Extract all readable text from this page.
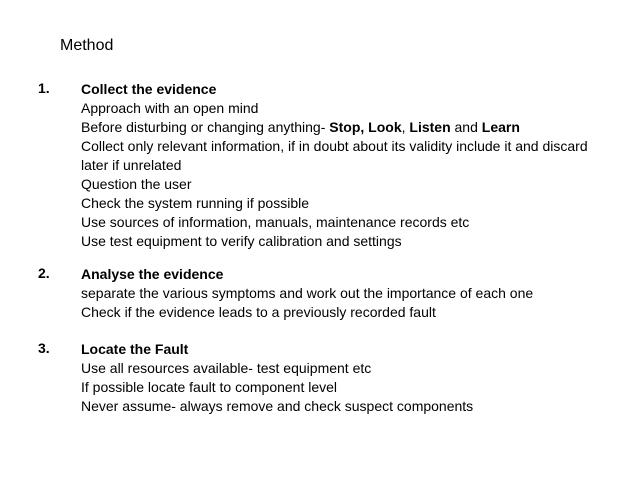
Method
1. Collect the evidence
Approach with an open mind
Before disturbing or changing anything- Stop, Look, Listen and Learn
Collect only relevant information, if in doubt about its validity include it and discard later if unrelated
Question the user
Check the system running if possible
Use sources of information, manuals, maintenance records etc
Use test equipment to verify calibration and settings
2. Analyse the evidence
separate the various symptoms and work out the importance of each one
Check if the evidence leads to a previously recorded fault
3. Locate the Fault
Use all resources available- test equipment etc
If possible locate fault to component level
Never assume- always remove and check suspect components
